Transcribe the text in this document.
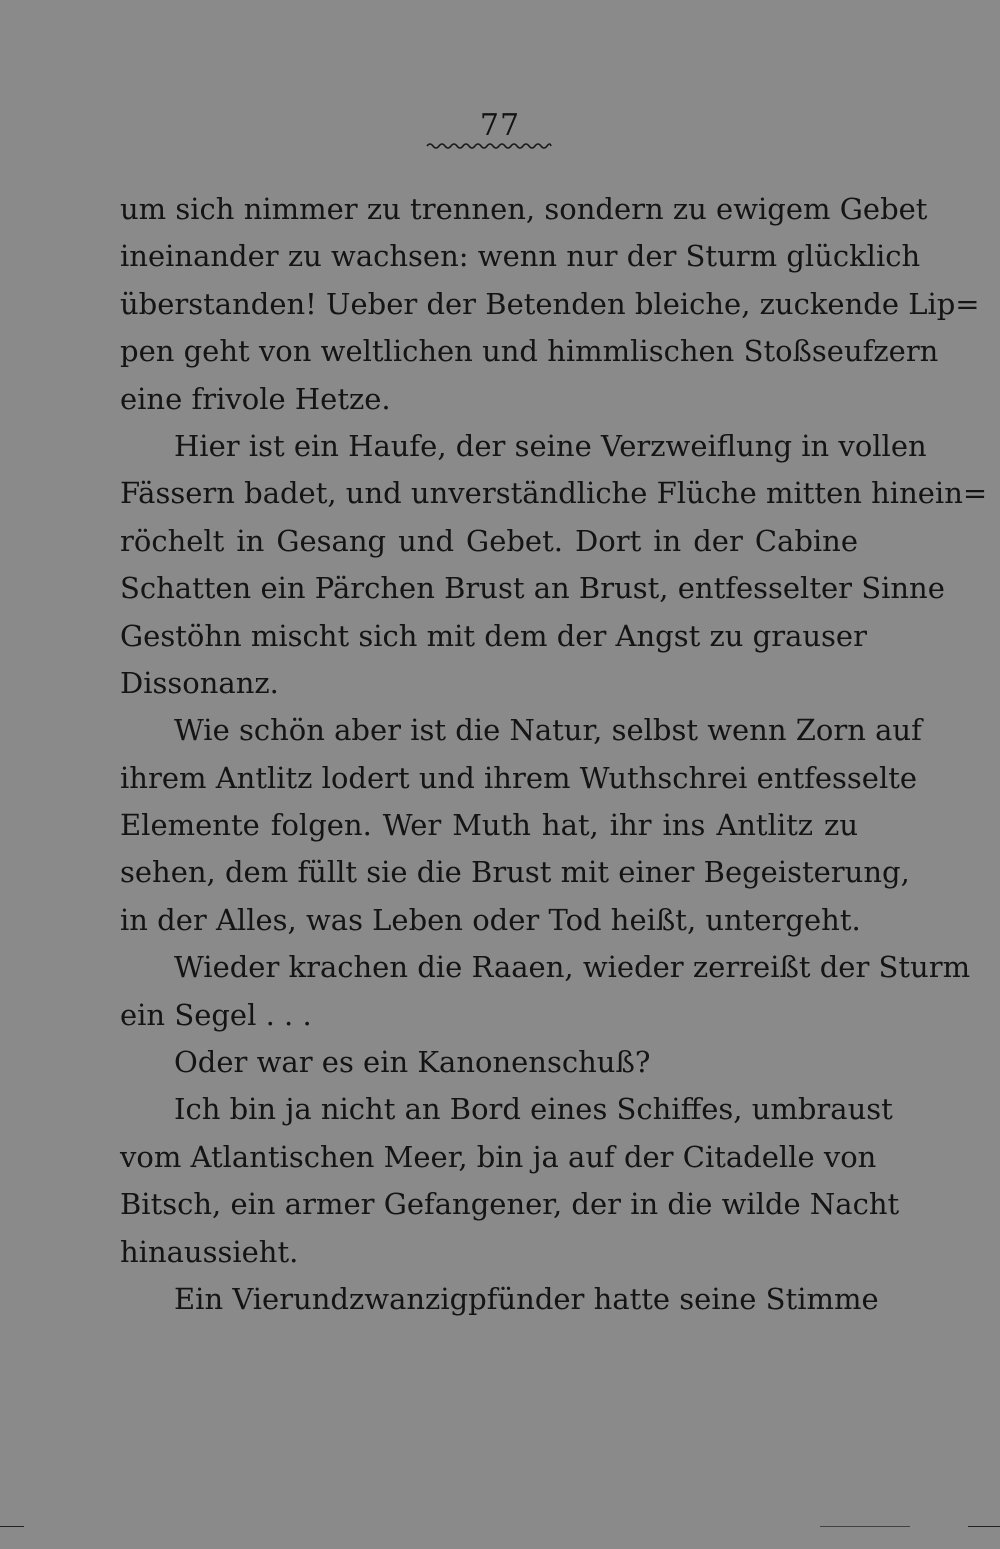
77
um sich nimmer zu trennen, sondern zu ewigem Gebet
ineinander zu wachsen: wenn nur der Sturm glücklich
überstanden! Ueber der Betenden bleiche, zuckende Lip=
pen geht von weltlichen und himmlischen Stoßseufzern
eine frivole Hetze.
Hier ist ein Haufe, der seine Verzweiflung in vollen
Fässern badet, und unverständliche Flüche mitten hinein=
röchelt in Gesang und Gebet. Dort in der Cabine
Schatten ein Pärchen Brust an Brust, entfesselter Sinne
Gestöhn mischt sich mit dem der Angst zu grauser
Dissonanz.
Wie schön aber ist die Natur, selbst wenn Zorn auf
ihrem Antlitz lodert und ihrem Wuthschrei entfesselte
Elemente folgen. Wer Muth hat, ihr ins Antlitz zu
sehen, dem füllt sie die Brust mit einer Begeisterung,
in der Alles, was Leben oder Tod heißt, untergeht.
Wieder krachen die Raaen, wieder zerreißt der Sturm
ein Segel . . .
Oder war es ein Kanonenschuß?
Ich bin ja nicht an Bord eines Schiffes, umbraust
vom Atlantischen Meer, bin ja auf der Citadelle von
Bitsch, ein armer Gefangener, der in die wilde Nacht
hinaussieht.
Ein Vierundzwanzigpfünder hatte seine Stimme
